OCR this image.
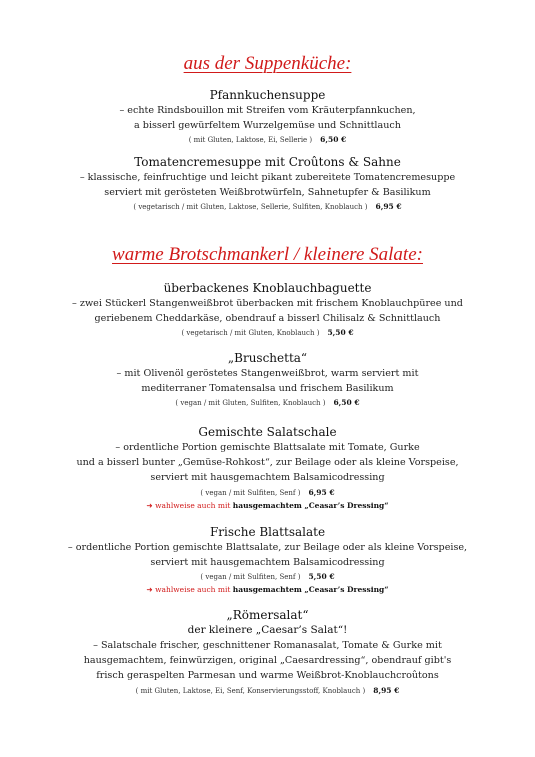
aus der Suppenküche:
Pfannkuchensuppe
– echte Rindsbouillon mit Streifen vom Kräuterpfannkuchen,
a bisserl gewürfeltem Wurzelgemüse und Schnittlauch
( mit Gluten, Laktose, Ei, Sellerie ) 6,50 €
Tomatencremesuppe mit Croûtons & Sahne
– klassische, feinfruchtige und leicht pikant zubereitete Tomatencremesuppe
serviert mit gerösteten Weißbrotwürfeln, Sahnetupfer & Basilikum
( vegetarisch / mit Gluten, Laktose, Sellerie, Sulfiten, Knoblauch ) 6,95 €
warme Brotschmankerl / kleinere Salate:
überbackenes Knoblauchbaguette
– zwei Stückerl Stangenweißbrot überbacken mit frischem Knoblauchpüree und
geriebenem Cheddarkäse, obendrauf a bisserl Chilisalz & Schnittlauch
( vegetarisch / mit Gluten, Knoblauch ) 5,50 €
„Bruschetta“
– mit Olivenöl geröstetes Stangenweißbrot, warm serviert mit
mediterraner Tomatensalsa und frischem Basilikum
( vegan / mit Gluten, Sulfiten, Knoblauch ) 6,50 €
Gemischte Salatschale
– ordentliche Portion gemischte Blattsalate mit Tomate, Gurke
und a bisserl bunter „Gemüse-Rohkost“, zur Beilage oder als kleine Vorspeise,
serviert mit hausgemachtem Balsamicodressing
( vegan / mit Sulfiten, Senf ) 6,95 €
➜ wahlweise auch mit hausgemachtem „Ceasar’s Dressing“
Frische Blattsalate
– ordentliche Portion gemischte Blattsalate, zur Beilage oder als kleine Vorspeise,
serviert mit hausgemachtem Balsamicodressing
( vegan / mit Sulfiten, Senf ) 5,50 €
➜ wahlweise auch mit hausgemachtem „Ceasar’s Dressing“
„Römersalat“
der kleinere „Caesar’s Salat“!
– Salatschale frischer, geschnittener Romanasalat, Tomate & Gurke mit
hausgemachtem, feinwürzigen, original „Caesardressing“, obendrauf gibt's
frisch geraspelten Parmesan und warme Weißbrot-Knoblauchcroûtons
( mit Gluten, Laktose, Ei, Senf, Konservierungsstoff, Knoblauch ) 8,95 €
